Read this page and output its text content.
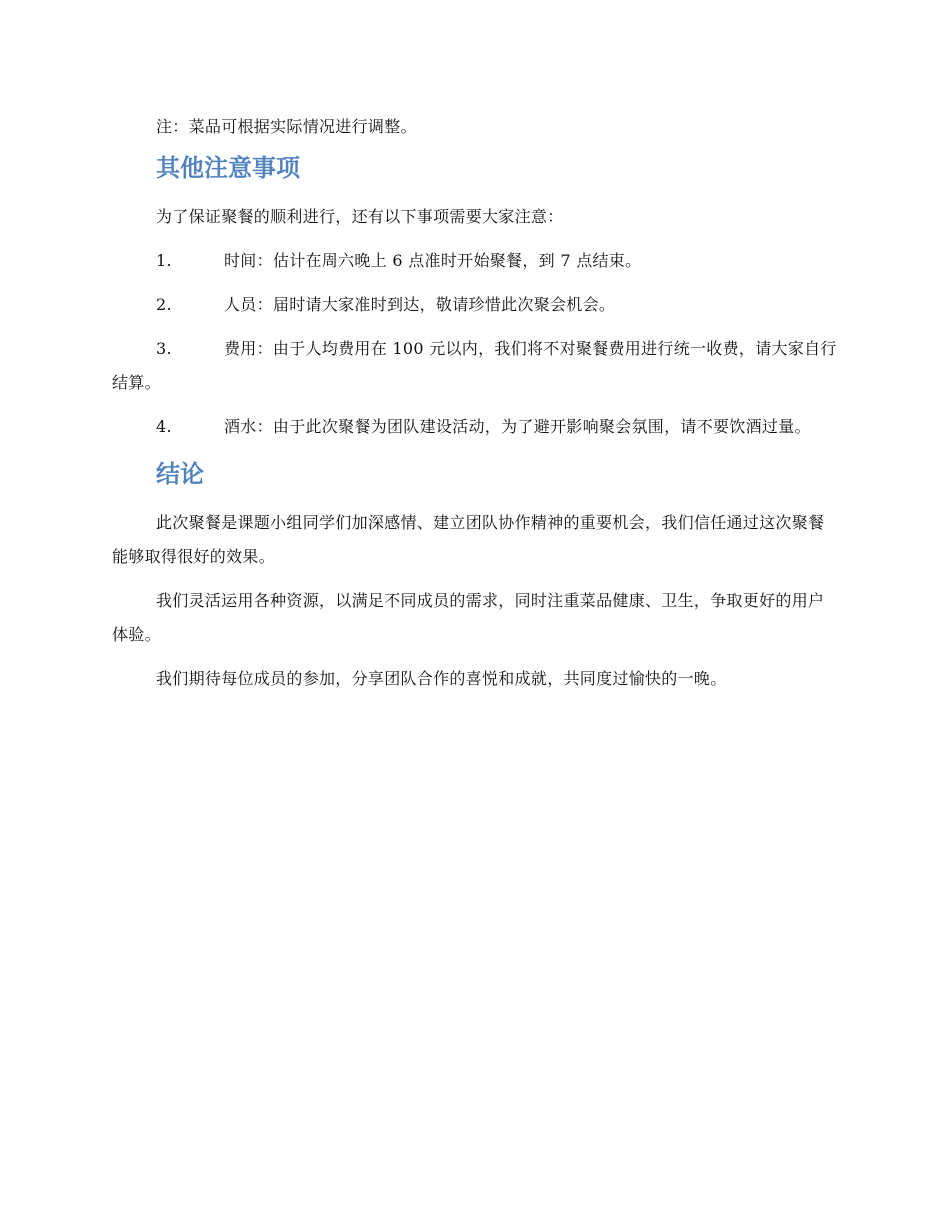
注：菜品可根据实际情况进行调整。

其他注意事项

为了保证聚餐的顺利进行，还有以下事项需要大家注意：

1.	时间：估计在周六晚上 6 点准时开始聚餐，到 7 点结束。
2.	人员：届时请大家准时到达，敬请珍惜此次聚会机会。
3.	费用：由于人均费用在 100 元以内，我们将不对聚餐费用进行统一收费，请大家自行结算。
4.	酒水：由于此次聚餐为团队建设活动，为了避开影响聚会氛围，请不要饮酒过量。
结论

此次聚餐是课题小组同学们加深感情、建立团队协作精神的重要机会，我们信任通过这次聚餐能够取得很好的效果。

我们灵活运用各种资源，以满足不同成员的需求，同时注重菜品健康、卫生，争取更好的用户体验。

我们期待每位成员的参加，分享团队合作的喜悦和成就，共同度过愉快的一晚。
